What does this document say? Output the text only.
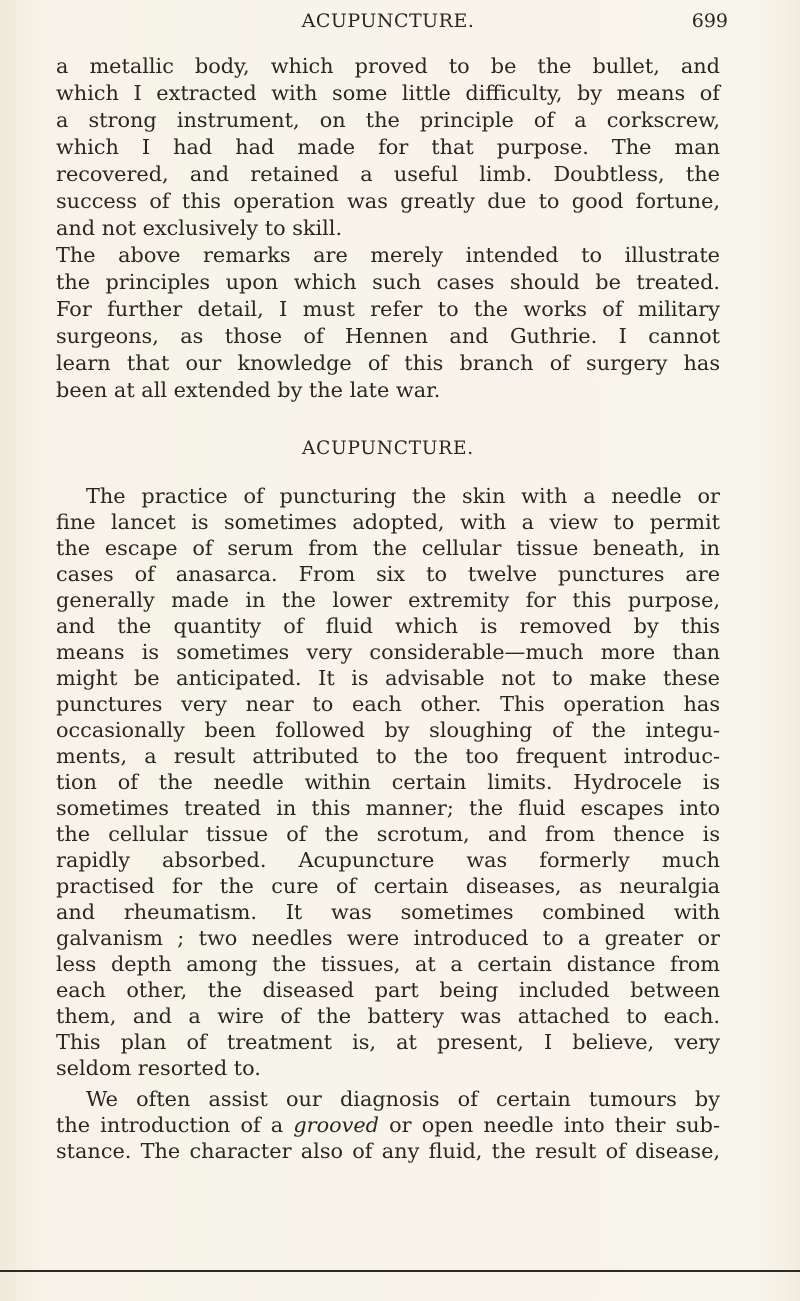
ACUPUNCTURE.	699
a metallic body, which proved to be the bullet, and
which I extracted with some little difficulty, by means of
a strong instrument, on the principle of a corkscrew,
which I had had made for that purpose. The man
recovered, and retained a useful limb. Doubtless, the
success of this operation was greatly due to good fortune,
and not exclusively to skill.
The above remarks are merely intended to illustrate
the principles upon which such cases should be treated.
For further detail, I must refer to the works of military
surgeons, as those of Hennen and Guthrie. I cannot
learn that our knowledge of this branch of surgery has
been at all extended by the late war.
ACUPUNCTURE.
The practice of puncturing the skin with a needle or
fine lancet is sometimes adopted, with a view to permit
the escape of serum from the cellular tissue beneath, in
cases of anasarca. From six to twelve punctures are
generally made in the lower extremity for this purpose,
and the quantity of fluid which is removed by this
means is sometimes very considerable—much more than
might be anticipated. It is advisable not to make these
punctures very near to each other. This operation has
occasionally been followed by sloughing of the integu-
ments, a result attributed to the too frequent introduc-
tion of the needle within certain limits. Hydrocele is
sometimes treated in this manner; the fluid escapes into
the cellular tissue of the scrotum, and from thence is
rapidly absorbed. Acupuncture was formerly much
practised for the cure of certain diseases, as neuralgia
and rheumatism. It was sometimes combined with
galvanism ; two needles were introduced to a greater or
less depth among the tissues, at a certain distance from
each other, the diseased part being included between
them, and a wire of the battery was attached to each.
This plan of treatment is, at present, I believe, very
seldom resorted to.
We often assist our diagnosis of certain tumours by
the introduction of a grooved or open needle into their sub-
stance. The character also of any fluid, the result of disease,
